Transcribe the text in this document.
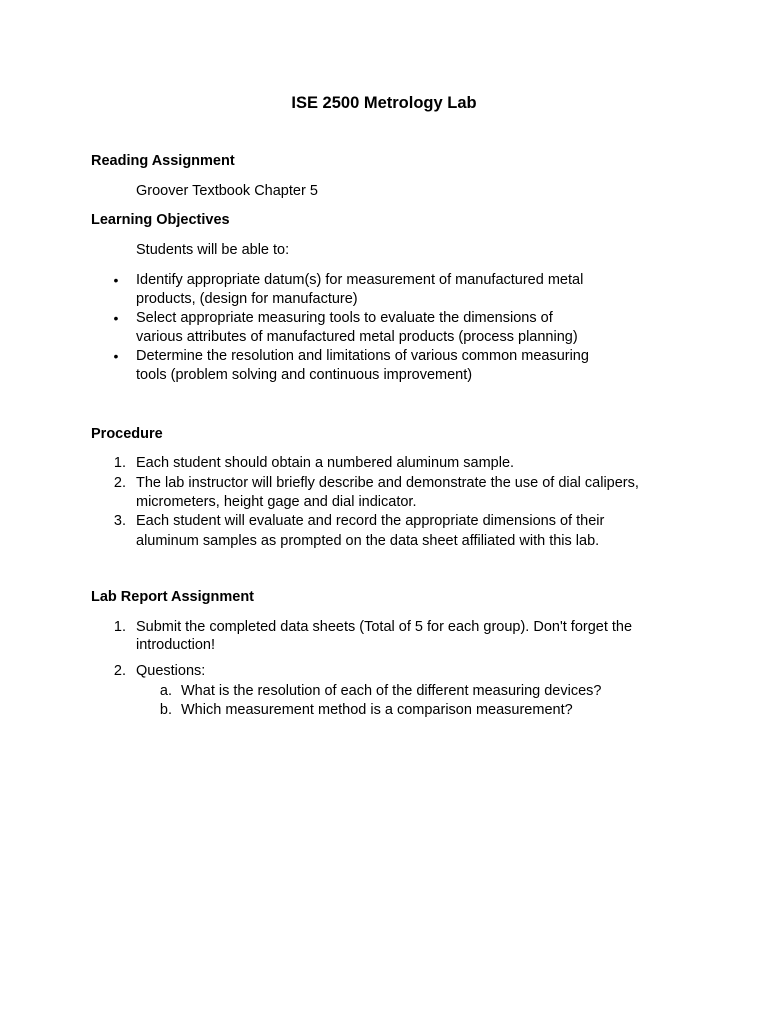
ISE 2500 Metrology Lab
Reading Assignment
Groover Textbook Chapter 5
Learning Objectives
Students will be able to:
• Identify appropriate datum(s) for measurement of manufactured metal
products, (design for manufacture)
• Select appropriate measuring tools to evaluate the dimensions of
various attributes of manufactured metal products (process planning)
• Determine the resolution and limitations of various common measuring
tools (problem solving and continuous improvement)
Procedure
1. Each student should obtain a numbered aluminum sample.
2. The lab instructor will briefly describe and demonstrate the use of dial calipers,
micrometers, height gage and dial indicator.
3. Each student will evaluate and record the appropriate dimensions of their
aluminum samples as prompted on the data sheet affiliated with this lab.
Lab Report Assignment
1. Submit the completed data sheets (Total of 5 for each group). Don't forget the
introduction!
2. Questions:
a. What is the resolution of each of the different measuring devices?
b. Which measurement method is a comparison measurement?
